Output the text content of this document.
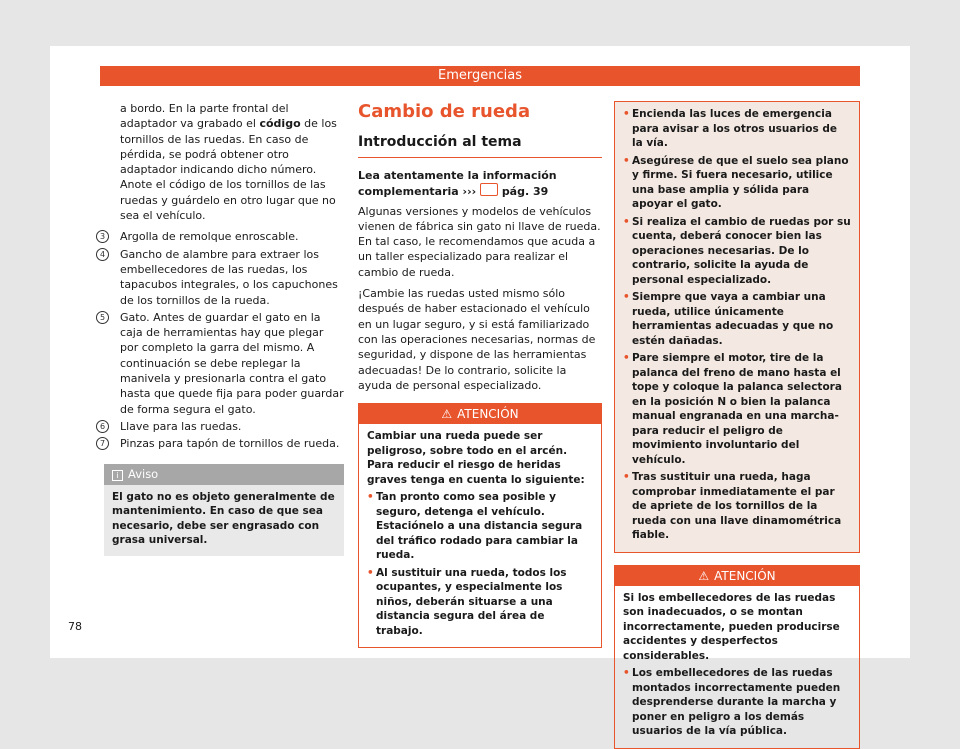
Emergencias

a bordo. En la parte frontal del adaptador va grabado el código de los tornillos de las ruedas. En caso de pérdida, se podrá obtener otro adaptador indicando dicho número. Anote el código de los tornillos de las ruedas y guárdelo en otro lugar que no sea el vehículo.

3	Argolla de remolque enroscable.
4	Gancho de alambre para extraer los embellecedores de las ruedas, los tapacubos integrales, o los capuchones de los tornillos de la rueda.
5	Gato. Antes de guardar el gato en la caja de herramientas hay que plegar por completo la garra del mismo. A continuación se debe replegar la manivela y presionarla contra el gato hasta que quede fija para poder guardar de forma segura el gato.
6	Llave para las ruedas.
7	Pinzas para tapón de tornillos de rueda.
i Aviso
El gato no es objeto generalmente de mantenimiento. En caso de que sea necesario, debe ser engrasado con grasa universal.
Cambio de rueda
Introducción al tema

Lea atentamente la información complementaria ›››  pág. 39

Algunas versiones y modelos de vehículos vienen de fábrica sin gato ni llave de rueda. En tal caso, le recomendamos que acuda a un taller especializado para realizar el cambio de rueda.

¡Cambie las ruedas usted mismo sólo después de haber estacionado el vehículo en un lugar seguro, y si está familiarizado con las operaciones necesarias, normas de seguridad, y dispone de las herramientas adecuadas! De lo contrario, solicite la ayuda de personal especializado.

⚠ ATENCIÓN
Cambiar una rueda puede ser peligroso, sobre todo en el arcén. Para reducir el riesgo de heridas graves tenga en cuenta lo siguiente:
• Tan pronto como sea posible y seguro, detenga el vehículo. Estaciónelo a una distancia segura del tráfico rodado para cambiar la rueda.
• Al sustituir una rueda, todos los ocupantes, y especialmente los niños, deberán situarse a una distancia segura del área de trabajo.
• Encienda las luces de emergencia para avisar a los otros usuarios de la vía.
• Asegúrese de que el suelo sea plano y firme. Si fuera necesario, utilice una base amplia y sólida para apoyar el gato.
• Si realiza el cambio de ruedas por su cuenta, deberá conocer bien las operaciones necesarias. De lo contrario, solicite la ayuda de personal especializado.
• Siempre que vaya a cambiar una rueda, utilice únicamente herramientas adecuadas y que no estén dañadas.
• Pare siempre el motor, tire de la palanca del freno de mano hasta el tope y coloque la palanca selectora en la posición N o bien la palanca manual engranada en una marcha- para reducir el peligro de movimiento involuntario del vehículo.
• Tras sustituir una rueda, haga comprobar inmediatamente el par de apriete de los tornillos de la rueda con una llave dinamométrica fiable.
⚠ ATENCIÓN
Si los embellecedores de las ruedas son inadecuados, o se montan incorrectamente, pueden producirse accidentes y desperfectos considerables.
• Los embellecedores de las ruedas montados incorrectamente pueden desprenderse durante la marcha y poner en peligro a los demás usuarios de la vía pública.
78
